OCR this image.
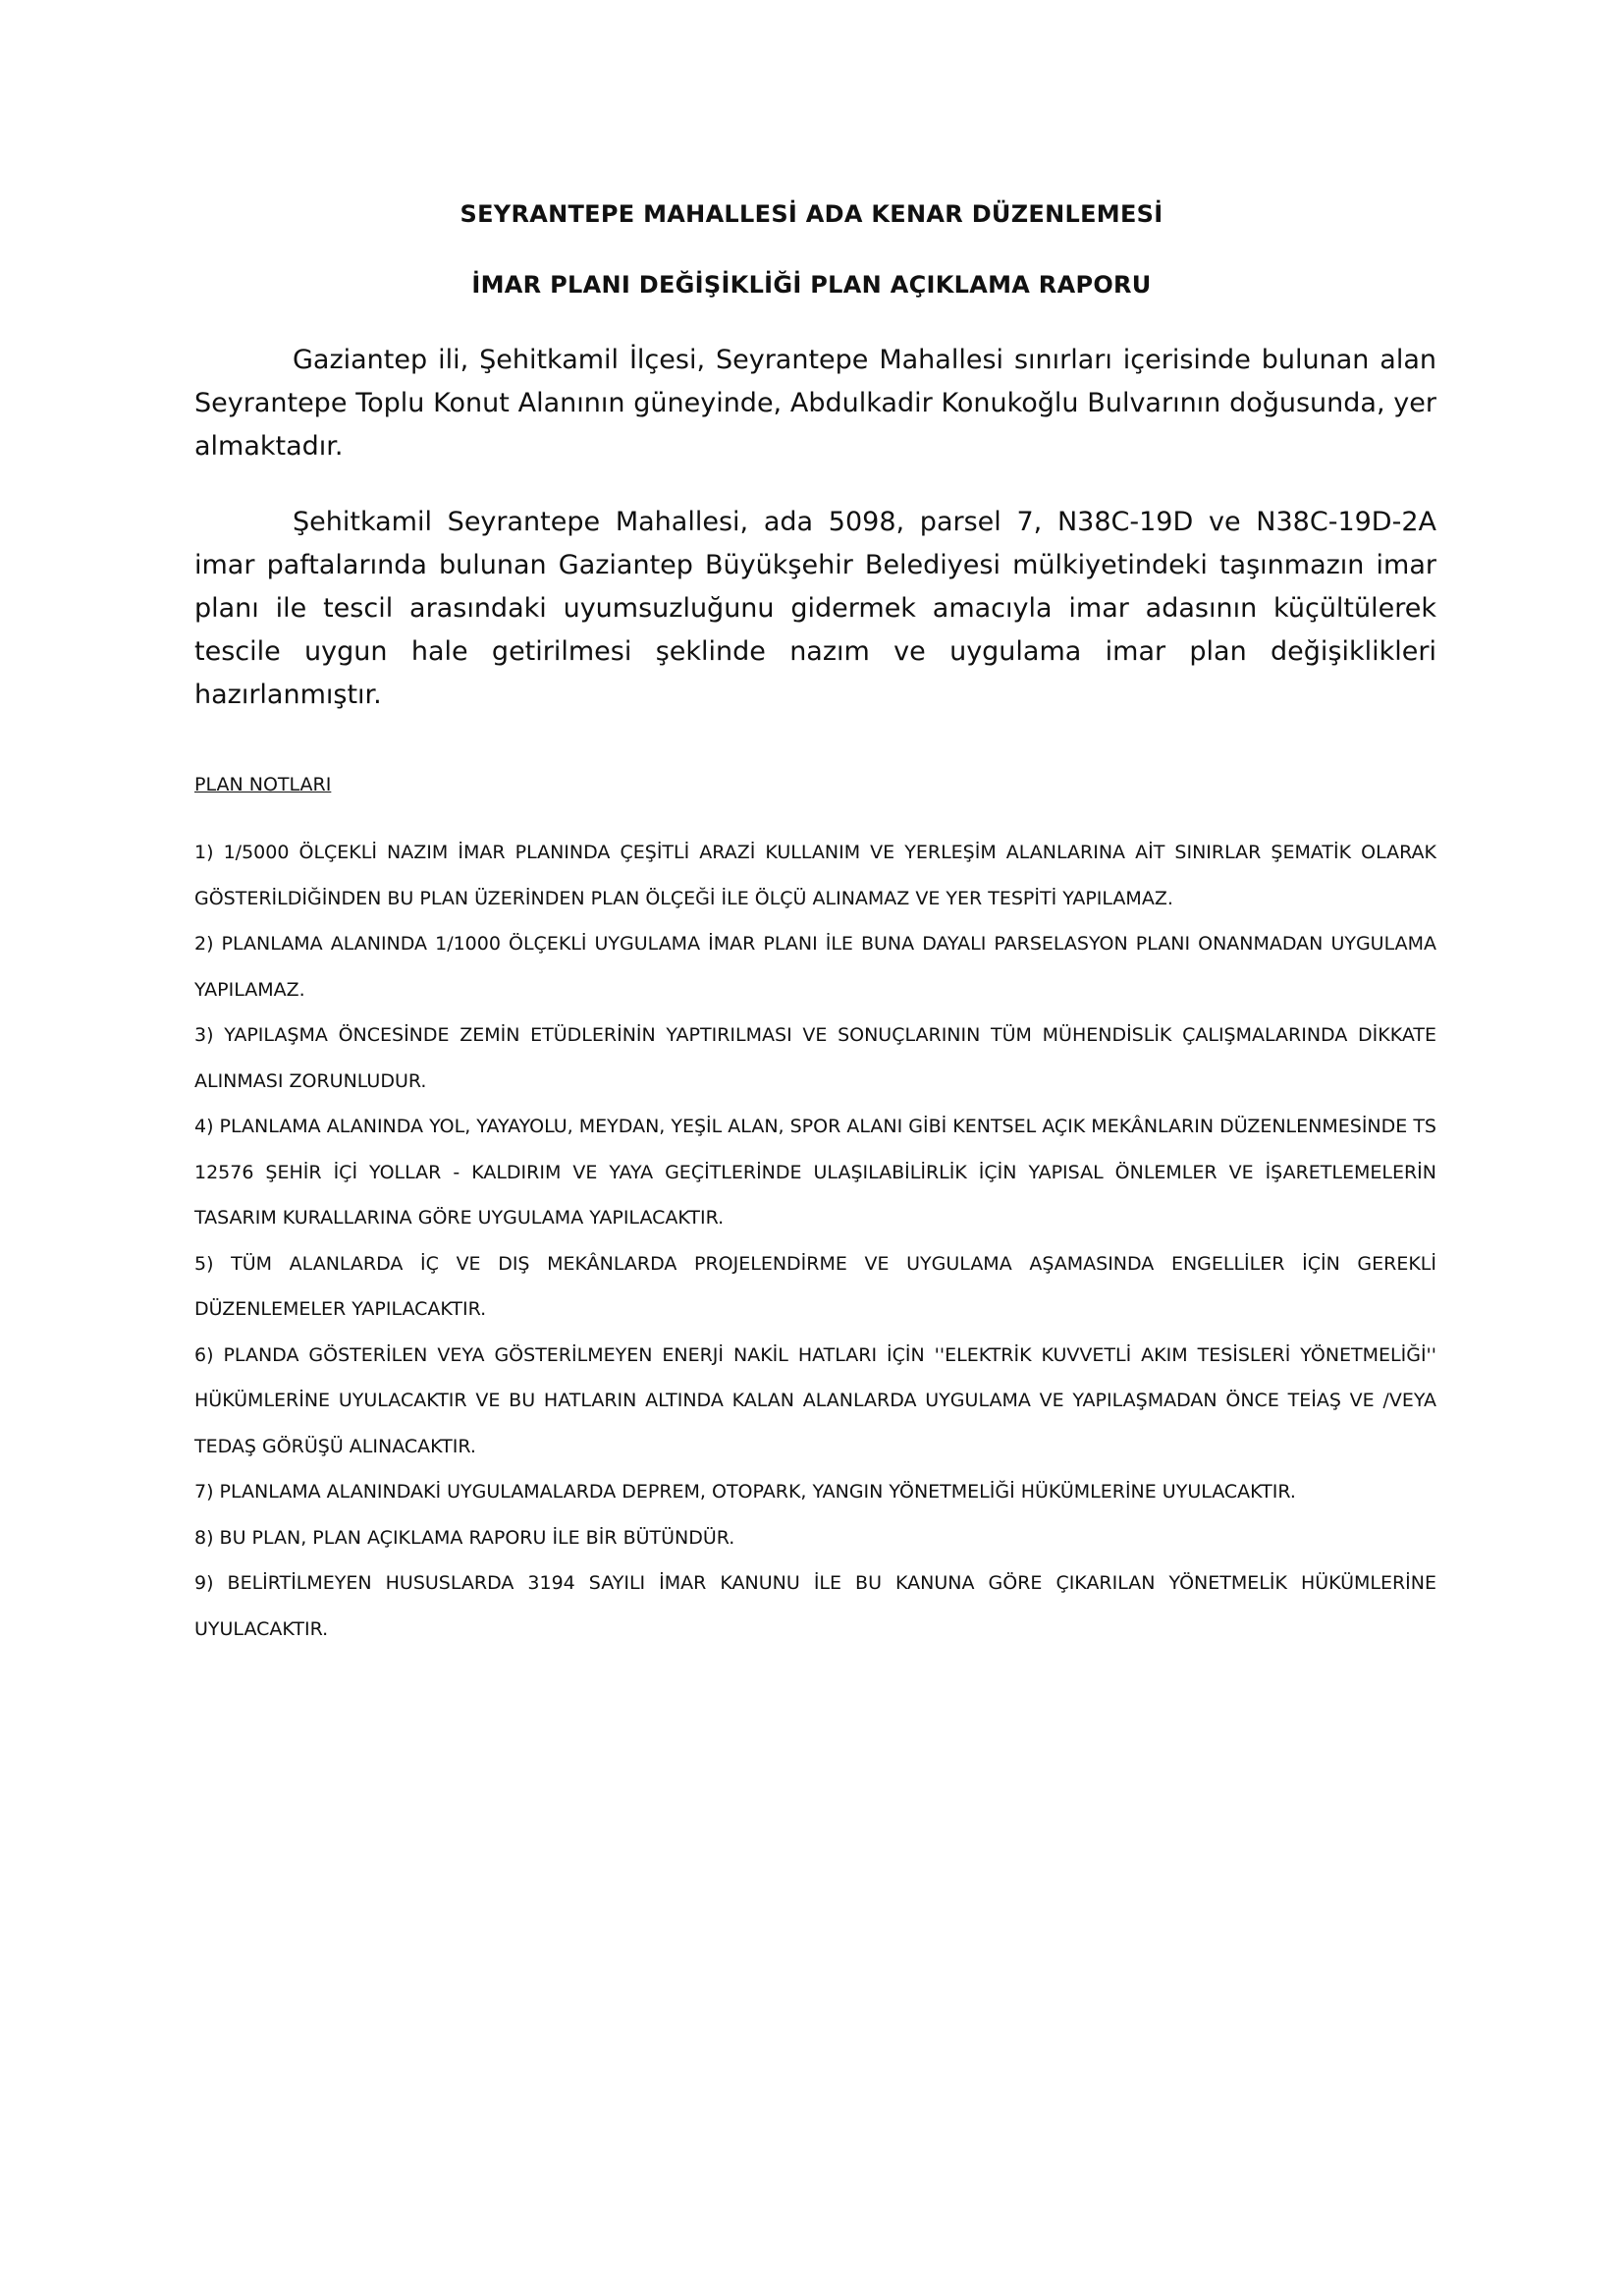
SEYRANTEPE MAHALLESİ ADA KENAR DÜZENLEMESİ
İMAR PLANI DEĞİŞİKLİĞİ PLAN AÇIKLAMA RAPORU

Gaziantep ili, Şehitkamil İlçesi, Seyrantepe Mahallesi sınırları içerisinde bulunan alan Seyrantepe Toplu Konut Alanının güneyinde, Abdulkadir Konukoğlu Bulvarının doğusunda, yer almaktadır.

Şehitkamil Seyrantepe Mahallesi, ada 5098, parsel 7, N38C-19D ve N38C-19D-2A imar paftalarında bulunan Gaziantep Büyükşehir Belediyesi mülkiyetindeki taşınmazın imar planı ile tescil arasındaki uyumsuzluğunu gidermek amacıyla imar adasının küçültülerek tescile uygun hale getirilmesi şeklinde nazım ve uygulama imar plan değişiklikleri hazırlanmıştır.

PLAN NOTLARI
1) 1/5000 ÖLÇEKLİ NAZIM İMAR PLANINDA ÇEŞİTLİ ARAZİ KULLANIM VE YERLEŞİM ALANLARINA AİT SINIRLAR ŞEMATİK OLARAK GÖSTERİLDİĞİNDEN BU PLAN ÜZERİNDEN PLAN ÖLÇEĞİ İLE ÖLÇÜ ALINAMAZ VE YER TESPİTİ YAPILAMAZ.
2) PLANLAMA ALANINDA 1/1000 ÖLÇEKLİ UYGULAMA İMAR PLANI İLE BUNA DAYALI PARSELASYON PLANI ONANMADAN UYGULAMA YAPILAMAZ.
3) YAPILAŞMA ÖNCESİNDE ZEMİN ETÜDLERİNİN YAPTIRILMASI VE SONUÇLARININ TÜM MÜHENDİSLİK ÇALIŞMALARINDA DİKKATE ALINMASI ZORUNLUDUR.
4) PLANLAMA ALANINDA YOL, YAYAYOLU, MEYDAN, YEŞİL ALAN, SPOR ALANI GİBİ KENTSEL AÇIK MEKÂNLARIN DÜZENLENMESİNDE TS 12576 ŞEHİR İÇİ YOLLAR - KALDIRIM VE YAYA GEÇİTLERİNDE ULAŞILABİLİRLİK İÇİN YAPISAL ÖNLEMLER VE İŞARETLEMELERİN TASARIM KURALLARINA GÖRE UYGULAMA YAPILACAKTIR.
5) TÜM ALANLARDA İÇ VE DIŞ MEKÂNLARDA PROJELENDİRME VE UYGULAMA AŞAMASINDA ENGELLİLER İÇİN GEREKLİ DÜZENLEMELER YAPILACAKTIR.
6) PLANDA GÖSTERİLEN VEYA GÖSTERİLMEYEN ENERJİ NAKİL HATLARI İÇİN ''ELEKTRİK KUVVETLİ AKIM TESİSLERİ YÖNETMELİĞİ'' HÜKÜMLERİNE UYULACAKTIR VE BU HATLARIN ALTINDA KALAN ALANLARDA UYGULAMA VE YAPILAŞMADAN ÖNCE TEİAŞ VE /VEYA TEDAŞ GÖRÜŞÜ ALINACAKTIR.
7) PLANLAMA ALANINDAKİ UYGULAMALARDA DEPREM, OTOPARK, YANGIN YÖNETMELİĞİ HÜKÜMLERİNE UYULACAKTIR.
8) BU PLAN, PLAN AÇIKLAMA RAPORU İLE BİR BÜTÜNDÜR.
9) BELİRTİLMEYEN HUSUSLARDA 3194 SAYILI İMAR KANUNU İLE BU KANUNA GÖRE ÇIKARILAN YÖNETMELİK HÜKÜMLERİNE UYULACAKTIR.
